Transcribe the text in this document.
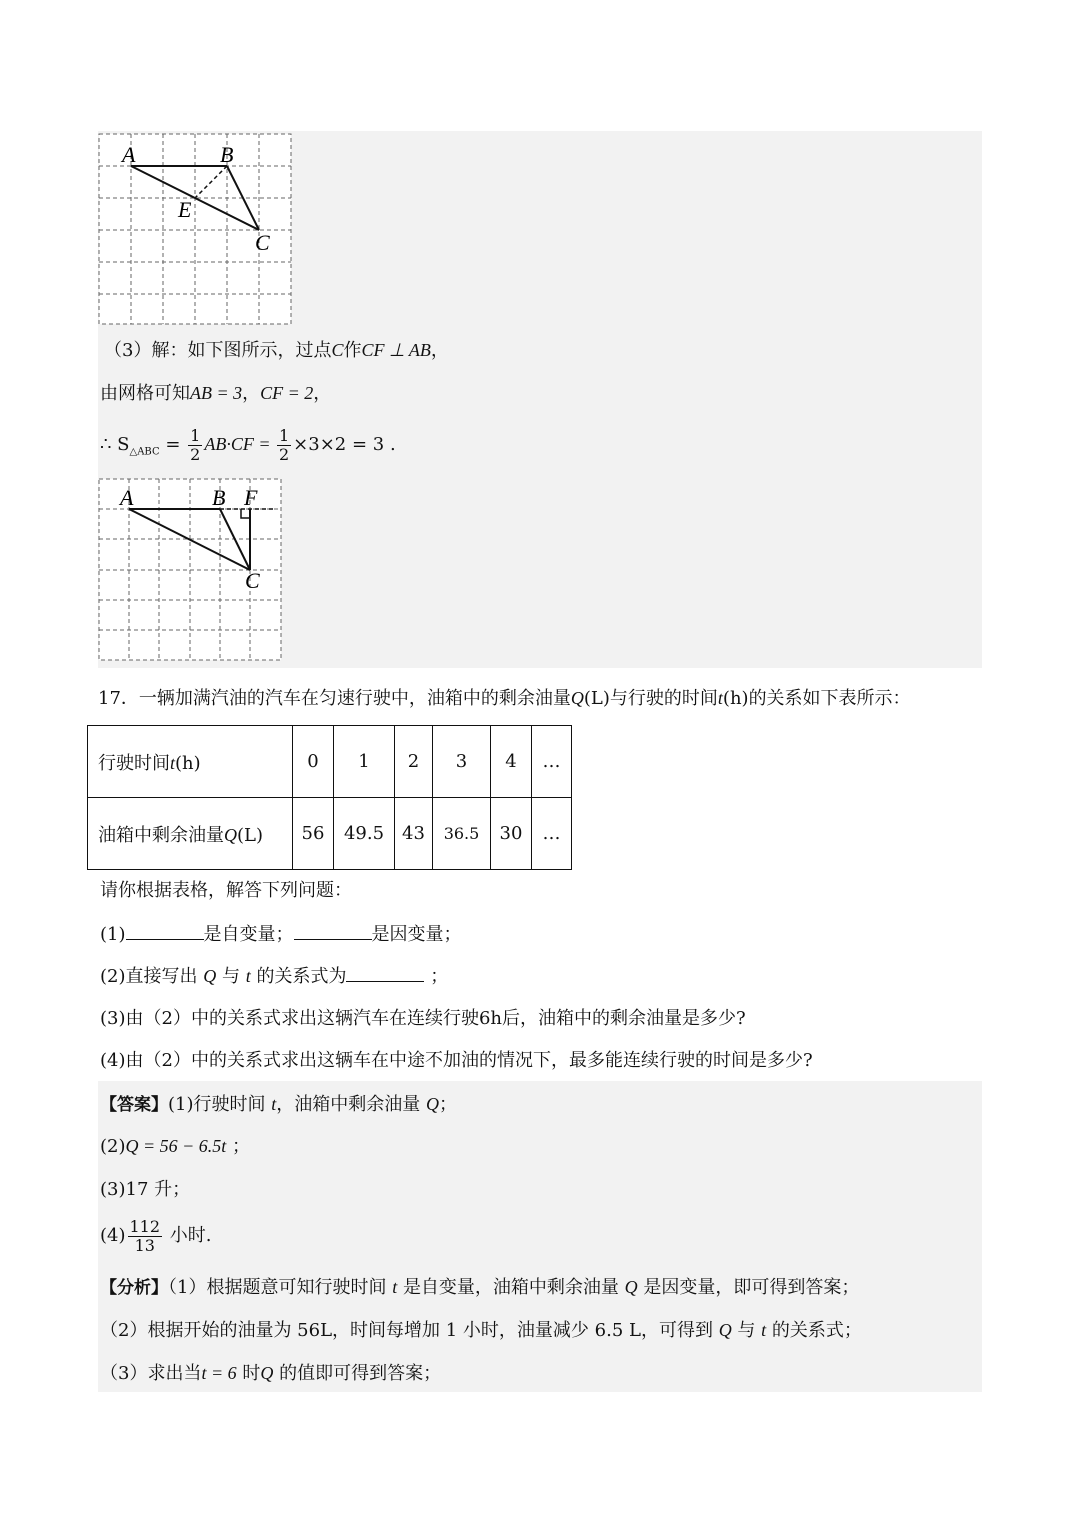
A	B
E
C
（3）解：如下图所示，过点C作CF ⊥ AB，
由网格可知AB = 3，CF = 2，
∴ $S_{\triangle ABC} = \frac{1}{2} AB\cdot CF = \frac{1}{2} \times 3\times 2 = 3$ .
A	B F
C
17．一辆加满汽油的汽车在匀速行驶中，油箱中的剩余油量Q(L)与行驶的时间t(h)的关系如下表所示：
行驶时间t(h)	0	1	2	3	4	…
油箱中剩余油量Q(L)	56	49.5	43	36.5	30	…
请你根据表格，解答下列问题：
(1)	是自变量；	是因变量；
(2)直接写出 Q 与 t 的关系式为	；
(3)由（2）中的关系式求出这辆汽车在连续行驶6h后，油箱中的剩余油量是多少?
(4)由（2）中的关系式求出这辆车在中途不加油的情况下，最多能连续行驶的时间是多少?
【答案】(1)行驶时间 t，油箱中剩余油量 Q；
(2)Q = 56 − 6.5t ；
(3)17 升；
$(4) \frac{112}{13}$ 小时.
【分析】（1）根据题意可知行驶时间 t 是自变量，油箱中剩余油量 Q 是因变量，即可得到答案；
（2）根据开始的油量为 56L，时间每增加 1 小时，油量减少 6.5 L，可得到 Q 与 t 的关系式；
（3）求出当t = 6 时Q 的值即可得到答案；
